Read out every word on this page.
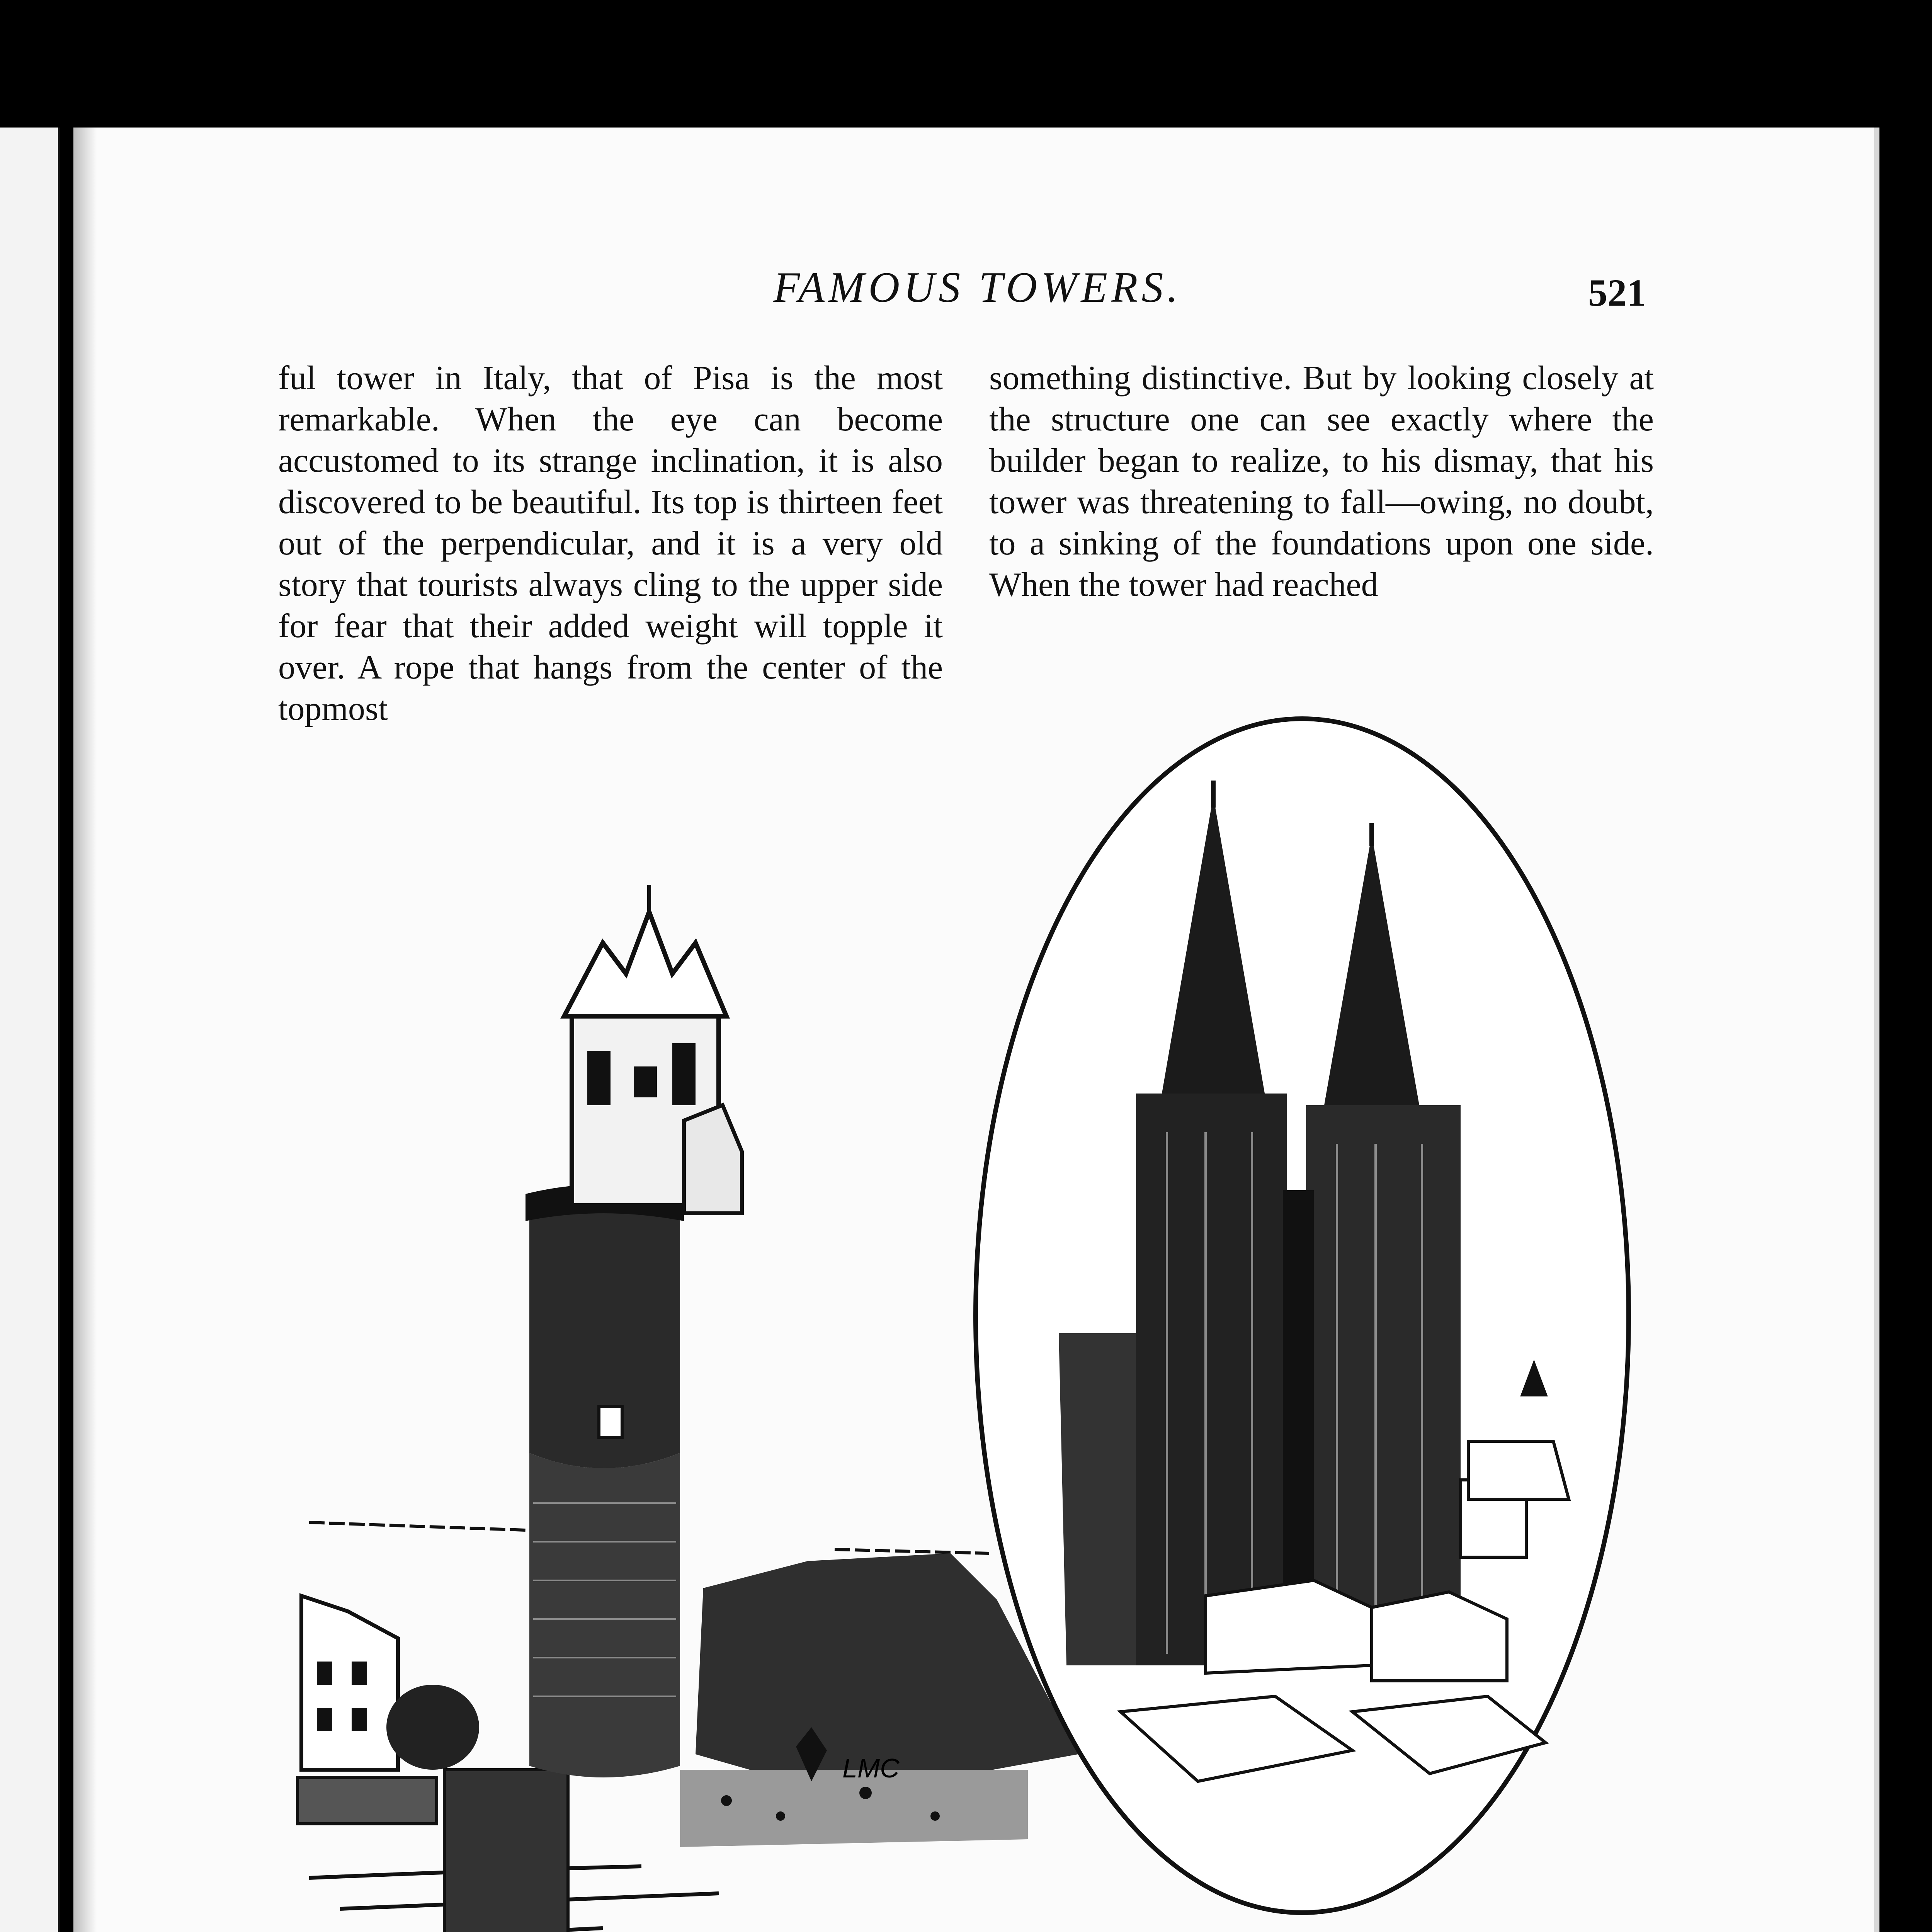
FAMOUS TOWERS.	521

ful tower in Italy, that of Pisa is the most remarkable. When the eye can become accustomed to its strange inclination, it is also discovered to be beautiful. Its top is thirteen feet out of the perpendicular, and it is a very old story that tourists always cling to the upper side for fear that their added weight will topple it over. A rope that hangs from the center of the topmost

something distinctive. But by looking closely at the structure one can see exactly where the builder began to realize, to his dismay, that his tower was threatening to fall—owing, no doubt, to a sinking of the foundations upon one side. When the tower had reached

LMC
